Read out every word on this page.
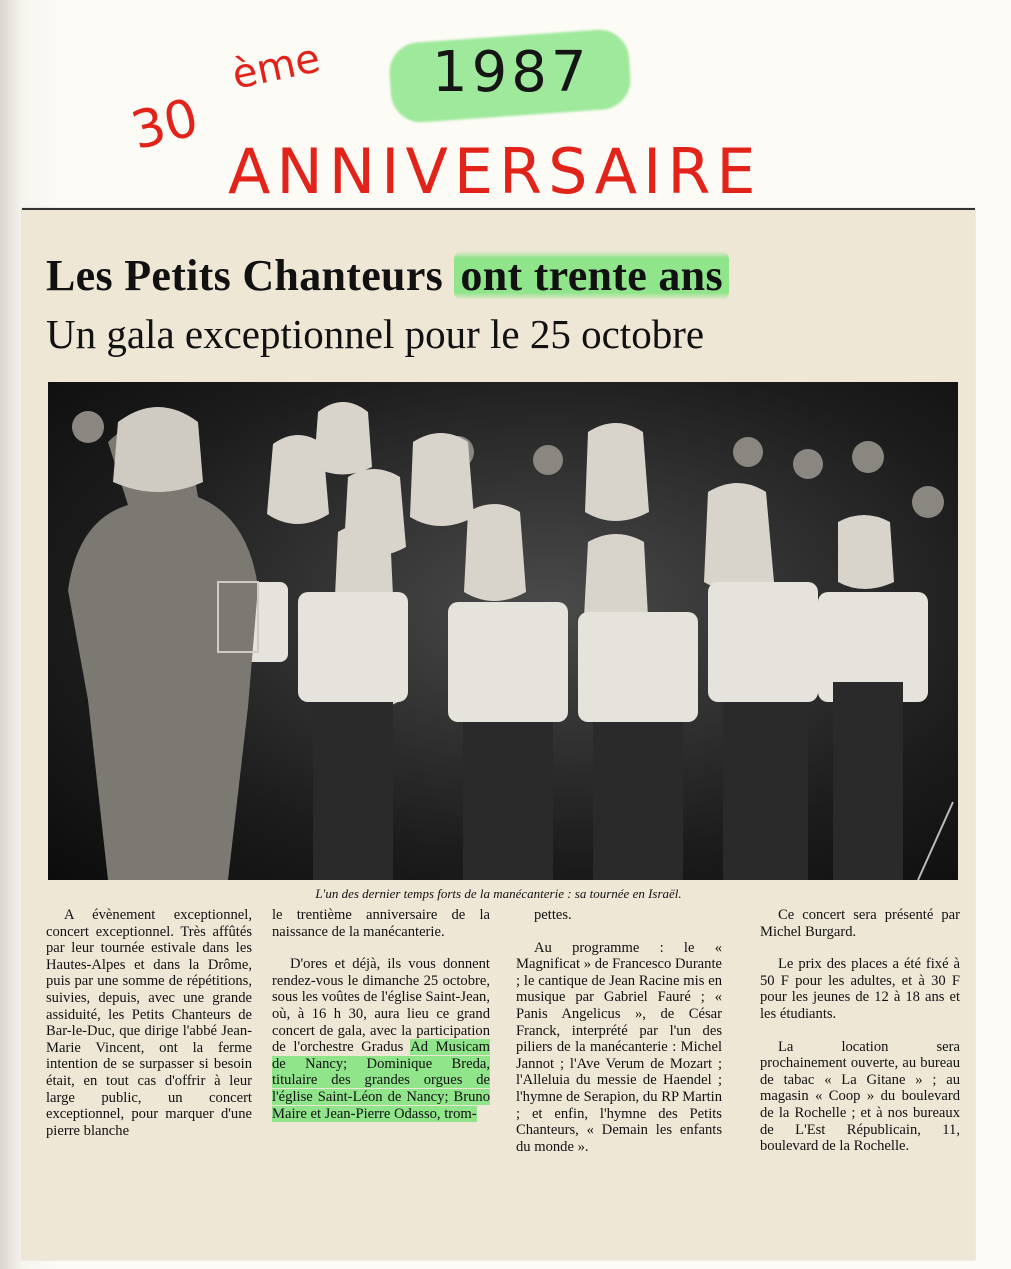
30
ème
ANNIVERSAIRE
1987
Les Petits Chanteurs ont trente ans
Un gala exceptionnel pour le 25 octobre
L'un des dernier temps forts de la manécanterie : sa tournée en Israël.

A évènement exceptionnel, concert exceptionnel. Très affûtés par leur tournée estivale dans les Hautes-Alpes et dans la Drôme, puis par une somme de répétitions, suivies, depuis, avec une grande assiduité, les Petits Chanteurs de Bar-le-Duc, que dirige l'abbé Jean-Marie Vincent, ont la ferme intention de se surpasser si besoin était, en tout cas d'offrir à leur large public, un concert exceptionnel, pour marquer d'une pierre blanche

le trentième anniversaire de la naissance de la manécanterie.

D'ores et déjà, ils vous donnent rendez-vous le dimanche 25 octobre, sous les voûtes de l'église Saint-Jean, où, à 16 h 30, aura lieu ce grand concert de gala, avec la participation de l'orchestre Gradus Ad Musicam de Nancy; Dominique Breda, titulaire des grandes orgues de l'église Saint-Léon de Nancy; Bruno Maire et Jean-Pierre Odasso, trom-

pettes.

Au programme : le « Magnificat » de Francesco Durante ; le cantique de Jean Racine mis en musique par Gabriel Fauré ; « Panis Angelicus », de César Franck, interprété par l'un des piliers de la manécanterie : Michel Jannot ; l'Ave Verum de Mozart ; l'Alleluia du messie de Haendel ; l'hymne de Serapion, du RP Martin ; et enfin, l'hymne des Petits Chanteurs, « Demain les enfants du monde ».

Ce concert sera présenté par Michel Burgard.

Le prix des places a été fixé à 50 F pour les adultes, et à 30 F pour les jeunes de 12 à 18 ans et les étudiants.

La location sera prochainement ouverte, au bureau de tabac « La Gitane » ; au magasin « Coop » du boulevard de la Rochelle ; et à nos bureaux de L'Est Républicain, 11, boulevard de la Rochelle.
